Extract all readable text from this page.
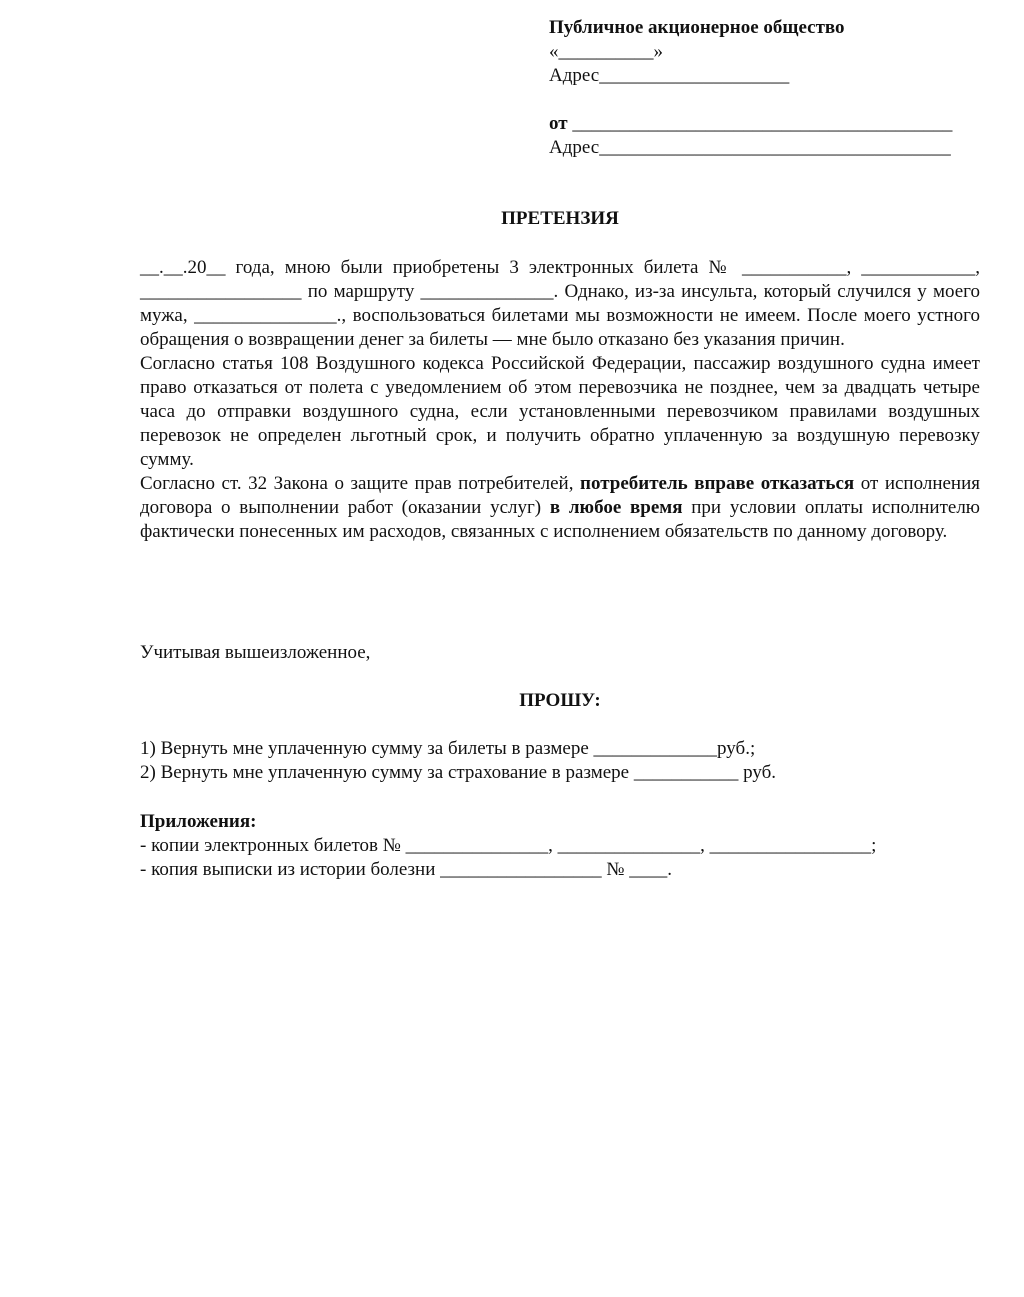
Публичное акционерное общество
«__________»
Адрес____________________
от ________________________________________
Адрес_____________________________________
ПРЕТЕНЗИЯ

__.__.20__ года, мною были приобретены 3 электронных билета № ___________, ____________, _________________ по маршруту ______________. Однако, из-за инсульта, который случился у моего мужа, _______________., воспользоваться билетами мы возможности не имеем. После моего устного обращения о возвращении денег за билеты — мне было отказано без указания причин.

Согласно статья 108 Воздушного кодекса Российской Федерации, пассажир воздушного судна имеет право отказаться от полета с уведомлением об этом перевозчика не позднее, чем за двадцать четыре часа до отправки воздушного судна, если установленными перевозчиком правилами воздушных перевозок не определен льготный срок, и получить обратно уплаченную за воздушную перевозку сумму.

Согласно ст. 32 Закона о защите прав потребителей, потребитель вправе отказаться от исполнения договора о выполнении работ (оказании услуг) в любое время при условии оплаты исполнителю фактически понесенных им расходов, связанных с исполнением обязательств по данному договору.

Учитывая вышеизложенное,
ПРОШУ:

1) Вернуть мне уплаченную сумму за билеты в размере _____________руб.;

2) Вернуть мне уплаченную сумму за страхование в размере ___________ руб.

Приложения:

- копии электронных билетов № _______________, _______________, _________________;

- копия выписки из истории болезни _________________ № ____.
